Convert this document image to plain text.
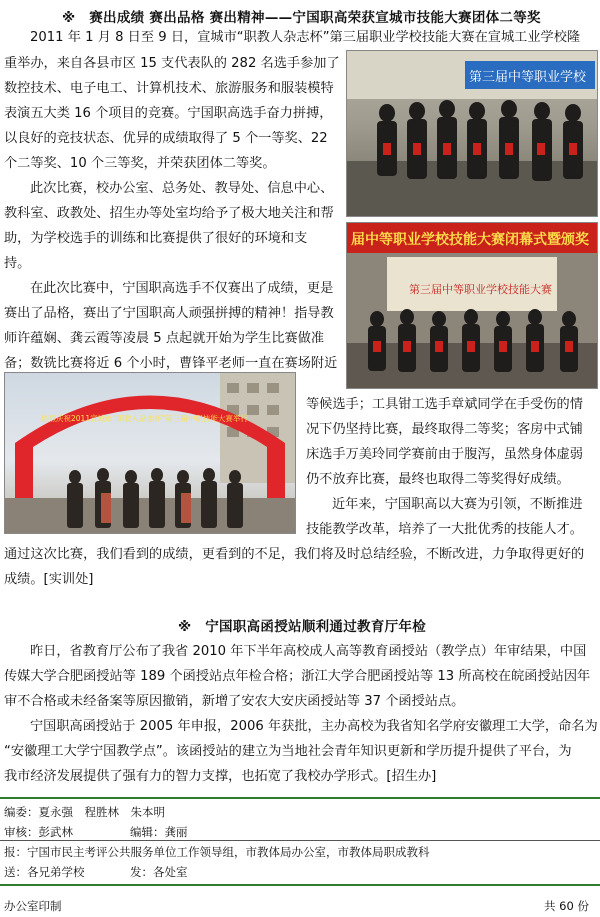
※　赛出成绩 赛出品格 赛出精神——宁国职高荣获宣城市技能大赛团体二等奖
2011 年 1 月 8 日至 9 日，宣城市“职教人杂志杯”第三届职业学校技能大赛在宣城工业学校隆
重举办，来自各县市区 15 支代表队的 282 名选手参加了
数控技术、电子电工、计算机技术、旅游服务和服装模特
表演五大类 16 个项目的竞赛。宁国职高选手奋力拼搏，
以良好的竞技状态、优异的成绩取得了 5 个一等奖、22
个二等奖、10 个三等奖，并荣获团体二等奖。
此次比赛，校办公室、总务处、教导处、信息中心、
教科室、政教处、招生办等处室均给予了极大地关注和帮
助，为学校选手的训练和比赛提供了很好的环境和支
持。
在此次比赛中，宁国职高选手不仅赛出了成绩，更是
赛出了品格，赛出了宁国职高人顽强拼搏的精神！指导教
师许蕴娴、龚云霞等凌晨 5 点起就开始为学生比赛做准
备；数铣比赛将近 6 个小时，曹锋平老师一直在赛场附近
等候选手；工具钳工选手章斌同学在手受伤的情
况下仍坚持比赛，最终取得二等奖；客房中式铺
床选手万美玲同学赛前由于腹泻，虽然身体虚弱
仍不放弃比赛，最终也取得二等奖得好成绩。
近年来，宁国职高以大赛为引领，不断推进
技能教学改革，培养了一大批优秀的技能人才。
通过这次比赛，我们看到的成绩，更看到的不足，我们将及时总结经验，不断改进，力争取得更好的
成绩。[实训处]
第三届中等职业学校
届中等职业学校技能大赛闭幕式暨颁奖
第三届中等职业学校技能大赛
热烈庆祝2011宣城市“职教人杂志杯”第三届中职技能大赛举行
※　宁国职高函授站顺利通过教育厅年检
昨日，省教育厅公布了我省 2010 年下半年高校成人高等教育函授站（教学点）年审结果，中国
传媒大学合肥函授站等 189 个函授站点年检合格；浙江大学合肥函授站等 13 所高校在皖函授站因年
审不合格或未经备案等原因撤销，新增了安农大安庆函授站等 37 个函授站点。
宁国职高函授站于 2005 年申报，2006 年获批，主办高校为我省知名学府安徽理工大学，命名为
“安徽理工大学宁国教学点”。该函授站的建立为当地社会青年知识更新和学历提升提供了平台，为
我市经济发展提供了强有力的智力支撑，也拓宽了我校办学形式。[招生办]
编委：夏永强　程胜林　朱本明
审核：彭武林	编辑：龚丽
报：宁国市民主考评公共服务单位工作领导组，市教体局办公室，市教体局职成教科
送：各兄弟学校	发：各处室
办公室印制	共 60 份
